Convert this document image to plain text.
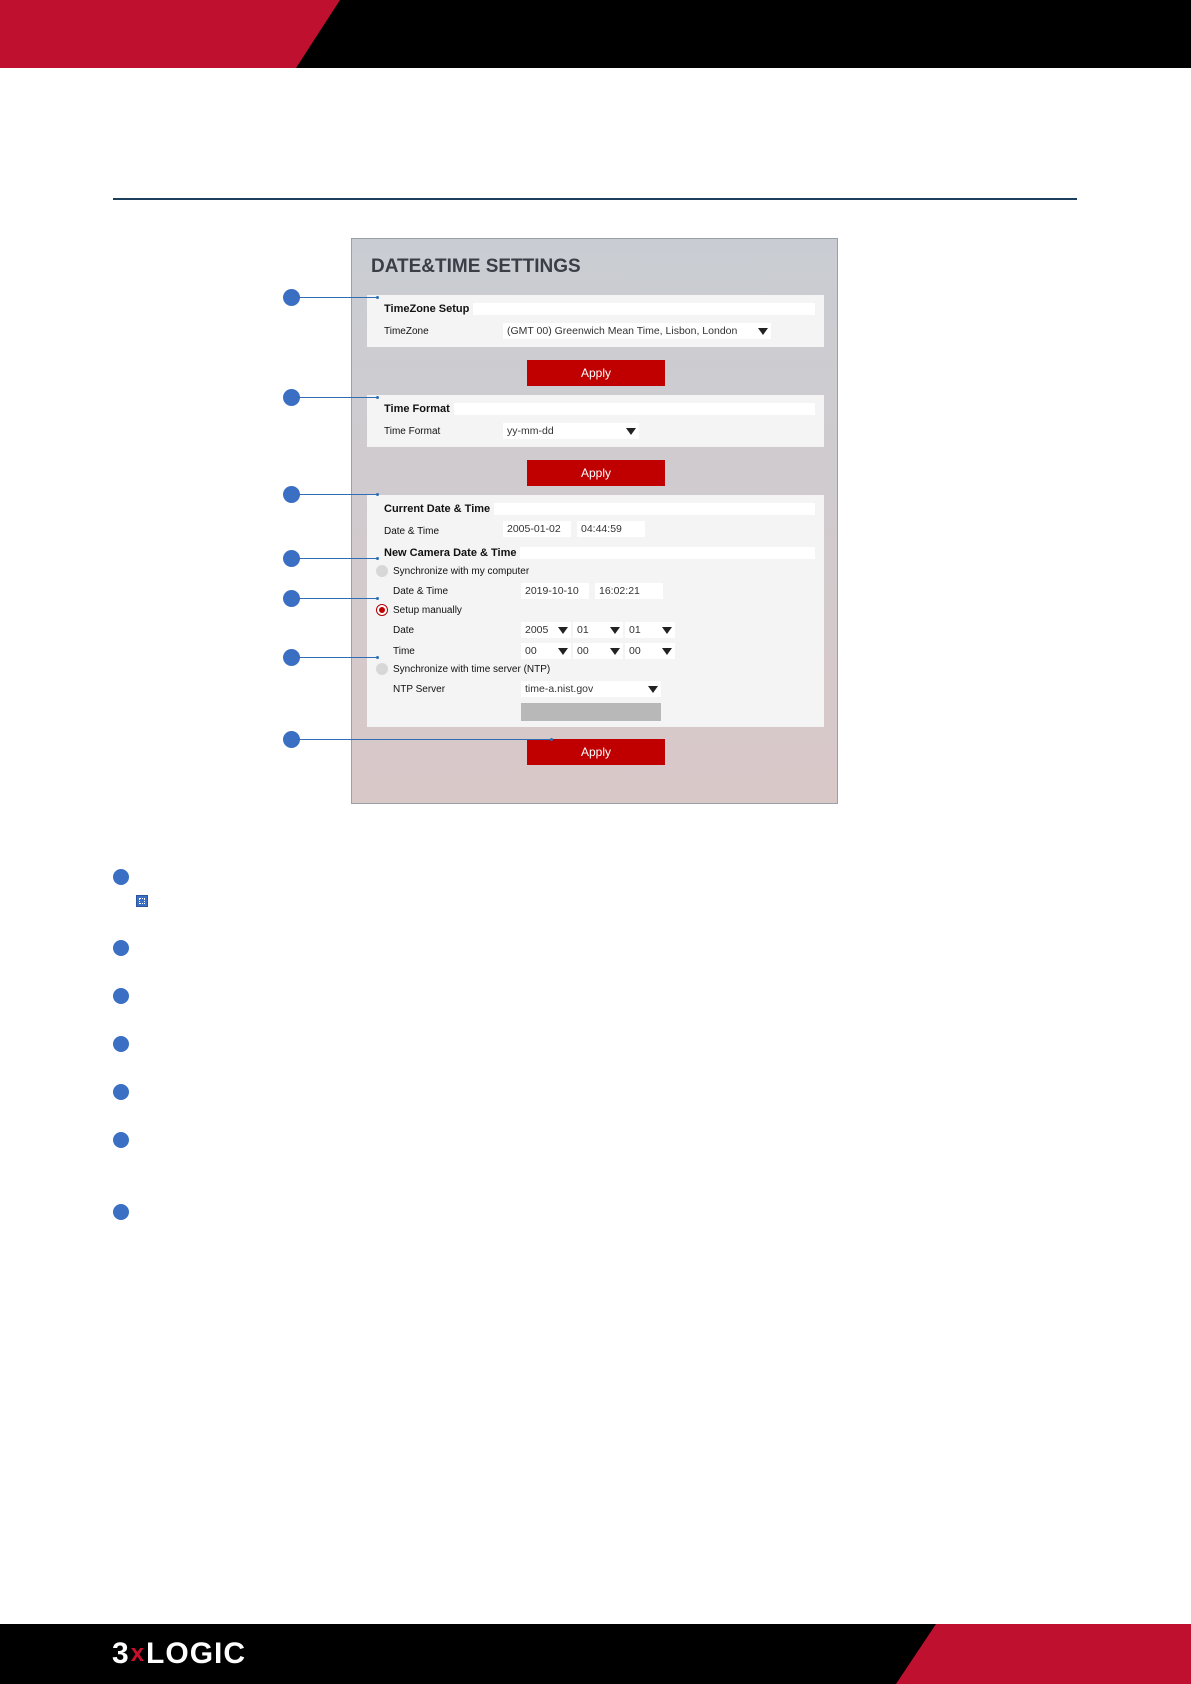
DATE&TIME SETTINGS
TimeZone Setup
TimeZone	(GMT 00) Greenwich Mean Time, Lisbon, London
Apply
Time Format
Time Format	yy-mm-dd
Apply
Current Date & Time
Date & Time	2005-01-02	04:44:59
New Camera Date & Time
Synchronize with my computer
Date & Time	2019-10-10	16:02:21
Setup manually
Date	2005	01	01
Time	00	00	00
Synchronize with time server (NTP)
NTP Server	time-a.nist.gov
Apply
3 x LOGIC
